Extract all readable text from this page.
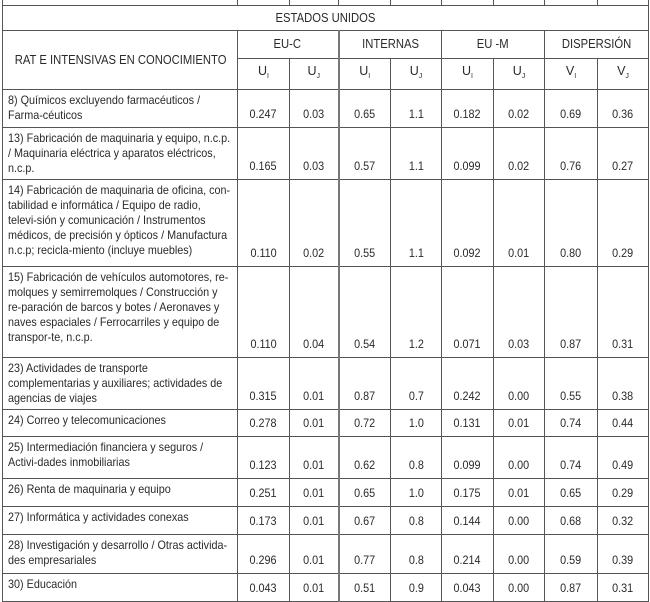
ESTADOS UNIDOS								
RAT E INTENSIVAS EN CONOCIMIENTO	EU-C		INTERNAS		EU -M		DISPERSIÓN	
	$U_I$	$U_J$	$U_I$	$U_J$	$U_I$	$U_J$	$V_I$	$V_J$

8) Químicos excluyendo farmacéuticos / Farma-céuticos	0.247	0.03	0.65	1.1	0.182	0.02	0.69	0.36

13) Fabricación de maquinaria y equipo, n.c.p. / Maquinaria eléctrica y aparatos eléctricos, n.c.p.	0.165	0.03	0.57	1.1	0.099	0.02	0.76	0.27

14) Fabricación de maquinaria de oficina, con-tabilidad e informática / Equipo de radio, televi-sión y comunicación / Instrumentos médicos, de precisión y ópticos / Manufactura n.c.p; recicla-miento (incluye muebles)	0.110	0.02	0.55	1.1	0.092	0.01	0.80	0.29

15) Fabricación de vehículos automotores, re-molques y semirremolques / Construcción y re-paración de barcos y botes / Aeronaves y naves espaciales / Ferrocarriles y equipo de transpor-te, n.c.p.	0.110	0.04	0.54	1.2	0.071	0.03	0.87	0.31

23) Actividades de transporte complementarias y auxiliares; actividades de agencias de viajes	0.315	0.01	0.87	0.7	0.242	0.00	0.55	0.38

24) Correo y telecomunicaciones	0.278	0.01	0.72	1.0	0.131	0.01	0.74	0.44

25) Intermediación financiera y seguros / Activi-dades inmobiliarias	0.123	0.01	0.62	0.8	0.099	0.00	0.74	0.49

26) Renta de maquinaria y equipo	0.251	0.01	0.65	1.0	0.175	0.01	0.65	0.29

27) Informática y actividades conexas	0.173	0.01	0.67	0.8	0.144	0.00	0.68	0.32

28) Investigación y desarrollo / Otras activida-des empresariales	0.296	0.01	0.77	0.8	0.214	0.00	0.59	0.39

30) Educación	0.043	0.01	0.51	0.9	0.043	0.00	0.87	0.31
